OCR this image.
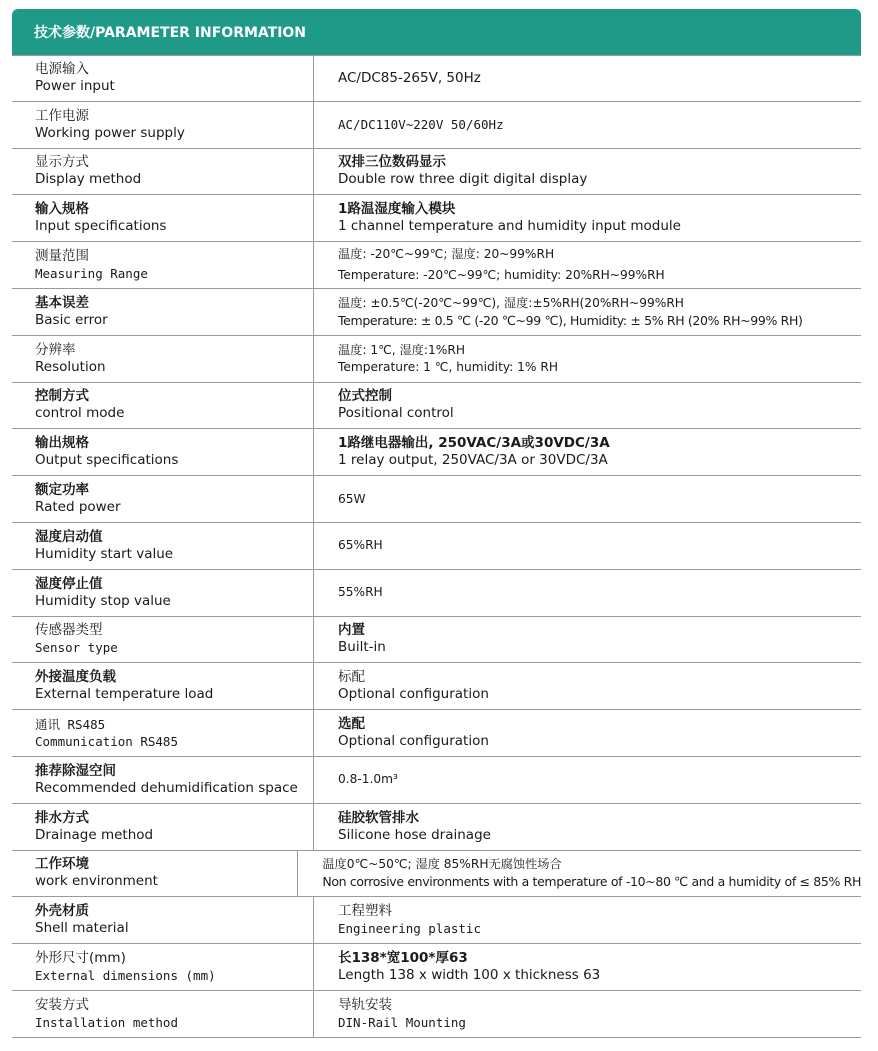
技术参数/PARAMETER INFORMATION
电源输入
Power input
AC/DC85-265V, 50Hz
工作电源
Working power supply	AC/DC110V~220V 50/60Hz
显示方式
Display method
双排三位数码显示
Double row three digit digital display
输入规格
Input specifications
1路温湿度输入模块
1 channel temperature and humidity input module
测量范围
Measuring Range
温度: -20℃~99℃; 湿度: 20~99%RH
Temperature: -20℃~99℃; humidity: 20%RH~99%RH
基本误差
Basic error
温度: ±0.5℃(-20℃~99℃), 湿度:±5%RH(20%RH~99%RH
Temperature: ± 0.5 ℃ (-20 ℃~99 ℃), Humidity: ± 5% RH (20% RH~99% RH)
分辨率
Resolution
温度: 1℃, 湿度:1%RH
Temperature: 1 ℃, humidity: 1% RH
控制方式
control mode
位式控制
Positional control
输出规格
Output specifications
1路继电器输出, 250VAC/3A或30VDC/3A
1 relay output, 250VAC/3A or 30VDC/3A
额定功率
Rated power
65W
湿度启动值
Humidity start value
65%RH
湿度停止值
Humidity stop value
55%RH
传感器类型
Sensor type
内置
Built-in
外接温度负载
External temperature load
标配
Optional configuration
通讯 RS485
Communication RS485
选配
Optional configuration
推荐除湿空间
Recommended dehumidification space
0.8-1.0m³
排水方式
Drainage method
硅胶软管排水
Silicone hose drainage
工作环境
work environment
温度0℃~50℃; 湿度 85%RH无腐蚀性场合
Non corrosive environments with a temperature of -10~80 ℃ and a humidity of ≤ 85% RH
外壳材质
Shell material
工程塑料
Engineering plastic
外形尺寸(mm)
External dimensions (mm)
长138*宽100*厚63
Length 138 x width 100 x thickness 63
安装方式
Installation method
导轨安装
DIN-Rail Mounting
